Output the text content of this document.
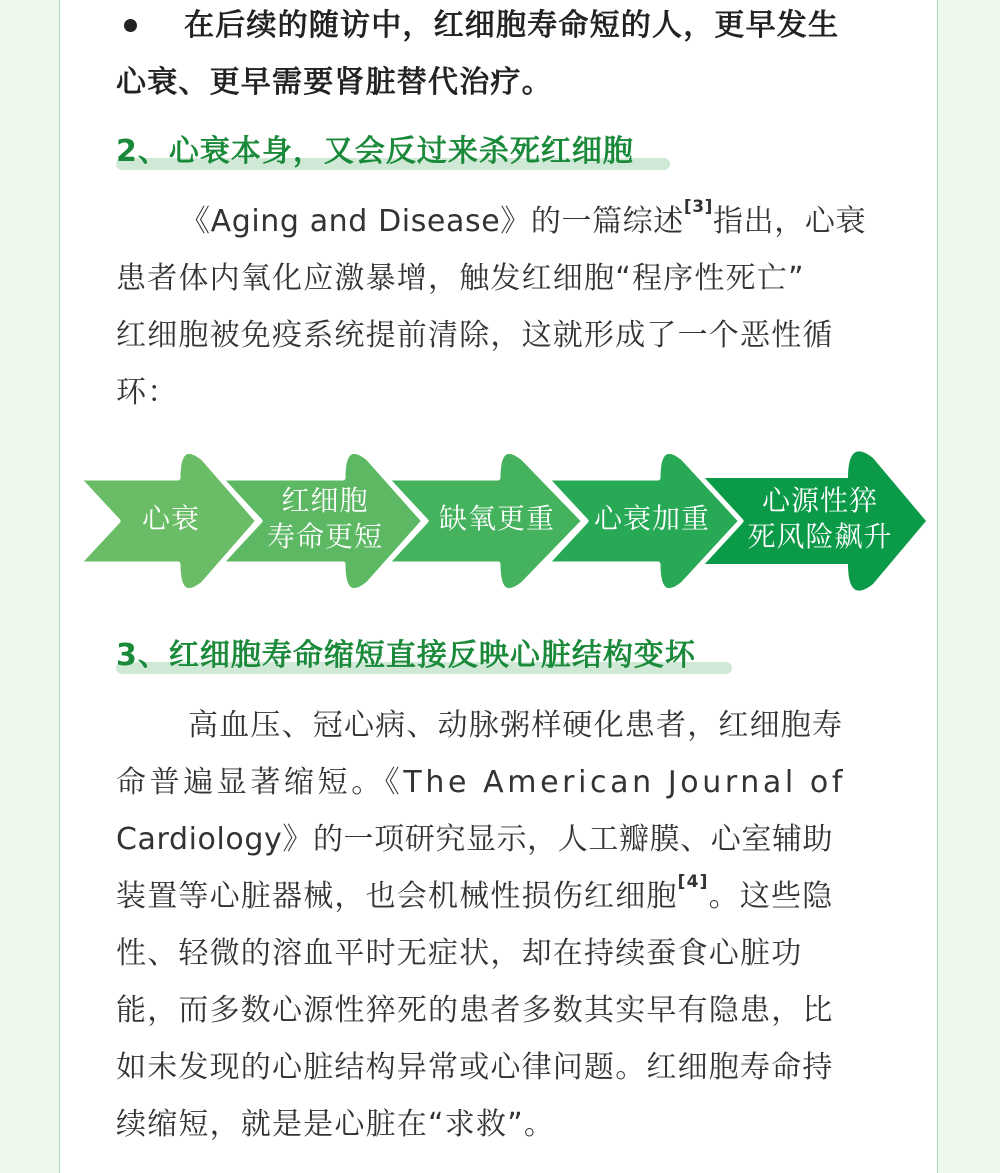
在后续的随访中，红细胞寿命短的人，更早发生
心衰、更早需要肾脏替代治疗。
2、心衰本身，又会反过来杀死红细胞
《Aging and Disease》的一篇综述[3]指出，心衰
患者体内氧化应激暴增，触发红细胞“程序性死亡”
红细胞被免疫系统提前清除，这就形成了一个恶性循
环：
心衰
红细胞
寿命更短
缺氧更重 心衰加重
心源性猝
死风险飙升
3、红细胞寿命缩短直接反映心脏结构变坏
高血压、冠心病、动脉粥样硬化患者，红细胞寿
命普遍显著缩短。《The American Journal of
Cardiology》的一项研究显示，人工瓣膜、心室辅助
装置等心脏器械，也会机械性损伤红细胞[4]。这些隐
性、轻微的溶血平时无症状，却在持续蚕食心脏功
能，而多数心源性猝死的患者多数其实早有隐患，比
如未发现的心脏结构异常或心律问题。红细胞寿命持
续缩短，就是是心脏在“求救”。
